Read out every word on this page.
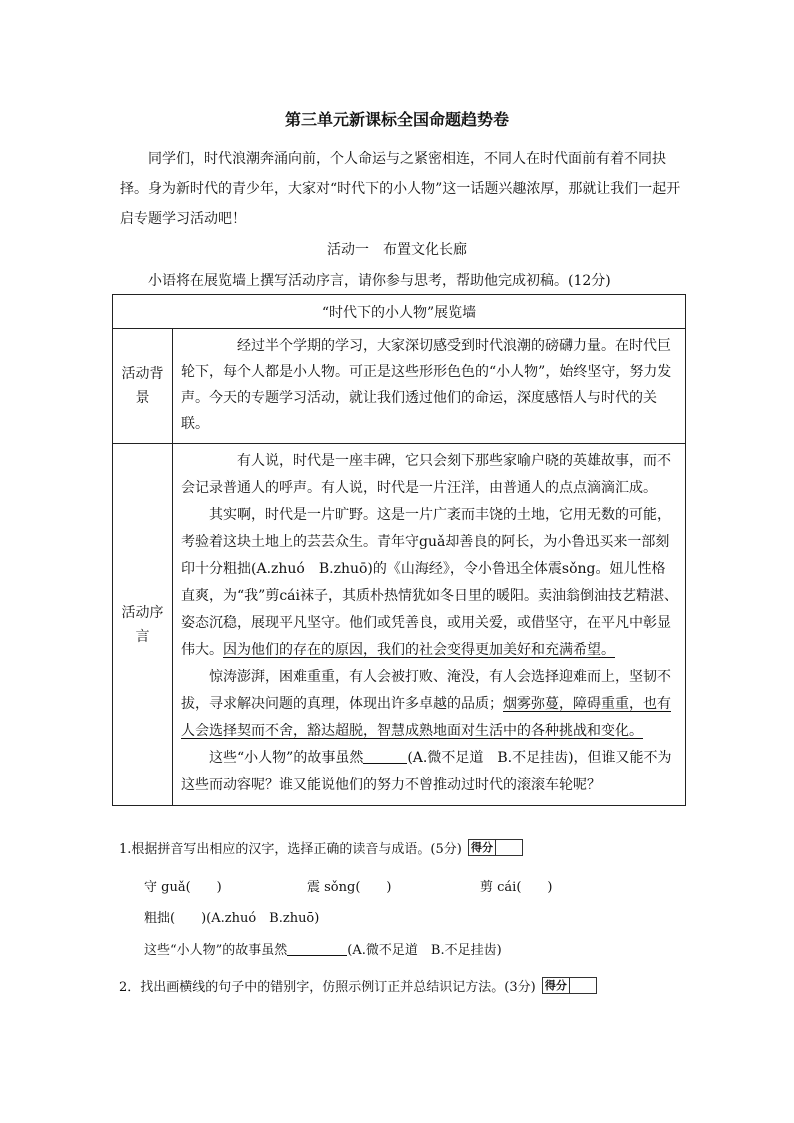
第三单元新课标全国命题趋势卷

同学们，时代浪潮奔涌向前，个人命运与之紧密相连，不同人在时代面前有着不同抉择。身为新时代的青少年，大家对“时代下的小人物”这一话题兴趣浓厚，那就让我们一起开启专题学习活动吧！

活动一　布置文化长廊

小语将在展览墙上撰写活动序言，请你参与思考，帮助他完成初稿。(12分)

“时代下的小人物”展览墙	
活动背景	经过半个学期的学习，大家深切感受到时代浪潮的磅礴力量。在时代巨轮下，每个人都是小人物。可正是这些形形色色的“小人物”，始终坚守，努力发声。今天的专题学习活动，就让我们透过他们的命运，深度感悟人与时代的关联。

活动序言	有人说，时代是一座丰碑，它只会刻下那些家喻户晓的英雄故事，而不会记录普通人的呼声。有人说，时代是一片汪洋，由普通人的点点滴滴汇成。

其实啊，时代是一片旷野。这是一片广袤而丰饶的土地，它用无数的可能，考验着这块土地上的芸芸众生。青年守guǎ却善良的阿长，为小鲁迅买来一部刻印十分粗拙(A.zhuó　B.zhuō)的《山海经》，令小鲁迅全体震sǒng。妞儿性格直爽，为“我”剪cái袜子，其质朴热情犹如冬日里的暖阳。卖油翁倒油技艺精湛、姿态沉稳，展现平凡坚守。他们或凭善良，或用关爱，或借坚守，在平凡中彰显伟大。因为他们的存在的原因，我们的社会变得更加美好和充满希望。

惊涛澎湃，困难重重，有人会被打败、淹没，有人会选择迎难而上，坚韧不拔，寻求解决问题的真理，体现出许多卓越的品质；烟雾弥蔓，障碍重重，也有人会选择契而不舍，豁达超脱，智慧成熟地面对生活中的各种挑战和变化。

这些“小人物”的故事虽然 (A.微不足道　B.不足挂齿)，但谁又能不为这些而动容呢？谁又能说他们的努力不曾推动过时代的滚滚车轮呢？

1.根据拼音写出相应的汉字，选择正确的读音与成语。(5分) 得分
守 guǎ(　　)	震 sǒng(　　)	剪 cái(　　)
粗拙(　　)(A.zhuó　B.zhuō)
这些“小人物”的故事虽然	(A.微不足道　B.不足挂齿)
2．找出画横线的句子中的错别字，仿照示例订正并总结识记方法。(3分) 得分
